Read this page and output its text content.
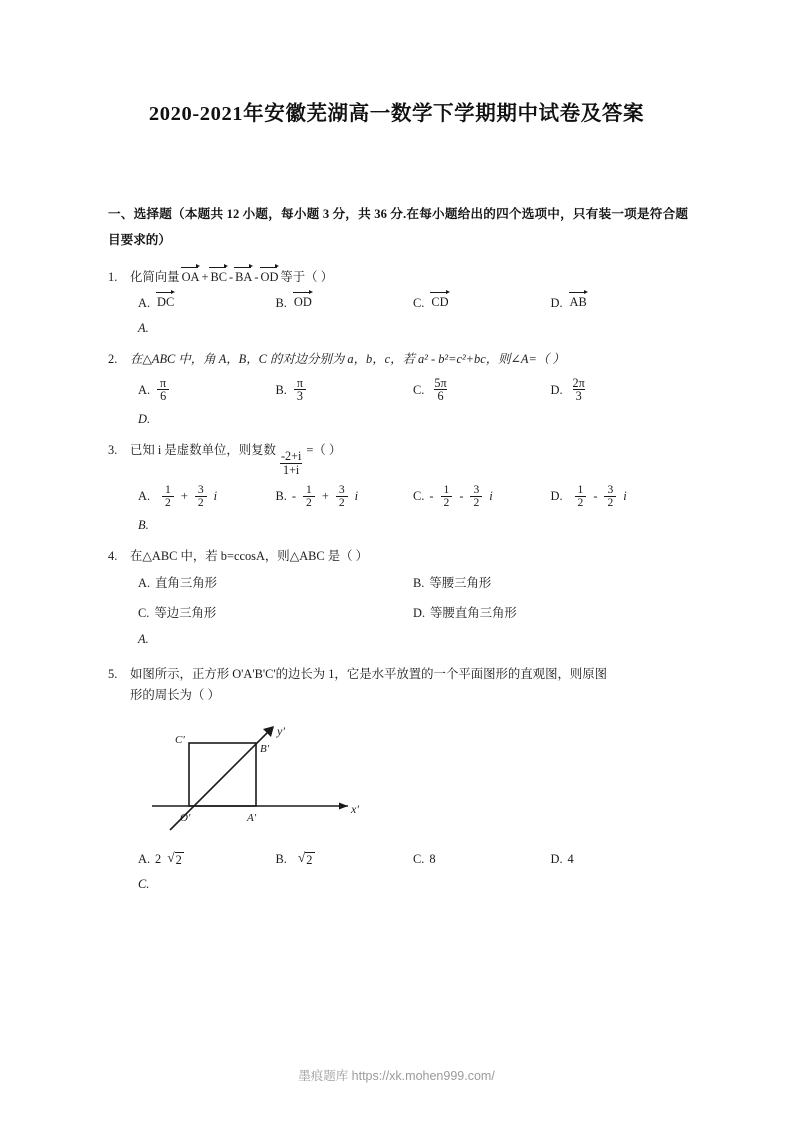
2020-2021年安徽芜湖高一数学下学期期中试卷及答案
一、选择题（本题共 12 小题，每小题 3 分，共 36 分.在每小题给出的四个选项中，只有装一项是符合题目要求的）
1. 化简向量 OA + BC - BA - OD 等于（ ）
A. DC	B. OD	C. CD	D. AB
A.
2. 在△ABC 中，角 A，B，C 的对边分别为 a，b，c，若 a² - b²=c²+bc，则∠A=（ ）
A. $\frac{\pi}{6}$	B. $\frac{\pi}{3}$	C. $\frac{5\pi}{6}$	D. $\frac{2\pi}{3}$
D.
3. 已知 i 是虚数单位，则复数
$\frac{-2+i}{1+i}$
=（ ）
A. $\frac{1}{2} + \frac{3}{2}$ i	B. - $\frac{1}{2} + \frac{3}{2}$ i	C. - $\frac{1}{2} - \frac{3}{2}$ i	D. $\frac{1}{2} - \frac{3}{2}$ i
B.
4. 在△ABC 中，若 b=ccosA，则△ABC 是（ ）
A. 直角三角形	B. 等腰三角形
C. 等边三角形	D. 等腰直角三角形
A.
5. 如图所示，正方形 O'A'B'C'的边长为 1，它是水平放置的一个平面图形的直观图，则原图
形的周长为（ ）
C'
B'
O'	A'
x'
y'
A. 2 √ 2	B. √ 2	C. 8	D. 4
C.
墨痕题库 https://xk.mohen999.com/
